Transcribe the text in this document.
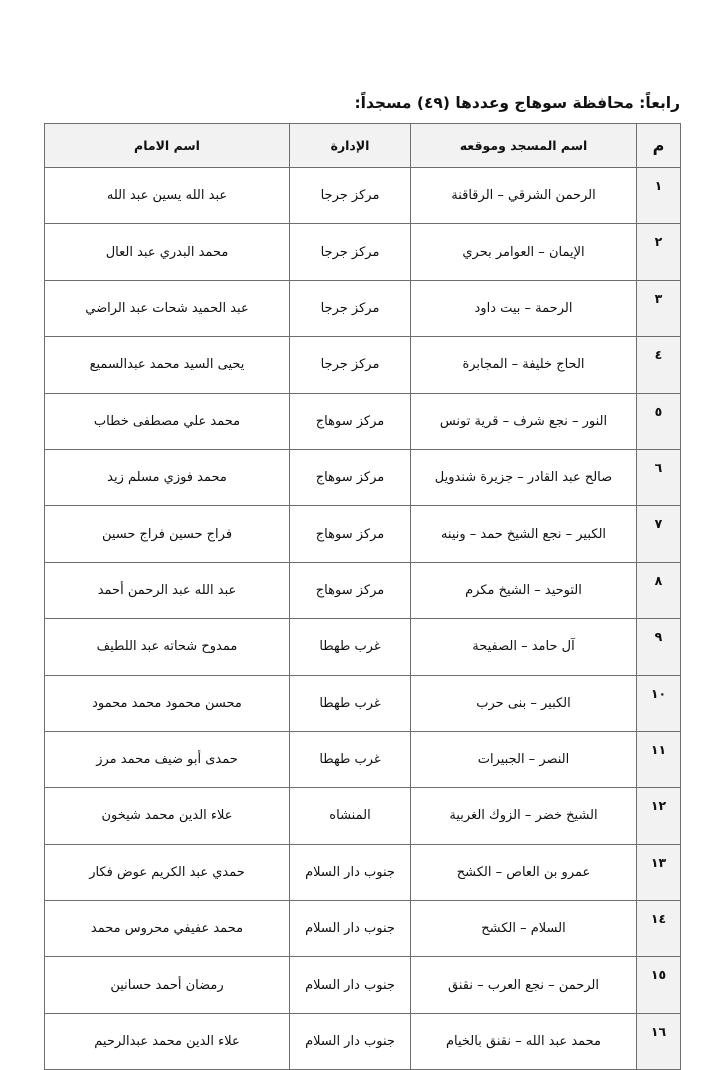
رابعاً: محافظة سوهاج وعددها (٤٩) مسجداً:
م	اسم المسجد وموقعه	الإدارة	اسم الامام
١	الرحمن الشرقي – الرقاقنة	مركز جرجا	عبد الله يسين عبد الله
٢	الإيمان – العوامر بحري	مركز جرجا	محمد البدري عبد العال
٣	الرحمة – بيت داود	مركز جرجا	عبد الحميد شحات عبد الراضي
٤	الحاج خليفة – المجابرة	مركز جرجا	يحيى السيد محمد عبدالسميع
٥	النور – نجع شرف – قرية تونس	مركز سوهاج	محمد علي مصطفى خطاب
٦	صالح عبد القادر – جزيرة شندويل	مركز سوهاج	محمد فوزي مسلم زيد
٧	الكبير – نجع الشيخ حمد – ونينه	مركز سوهاج	فراج حسين فراج حسين
٨	التوحيد – الشيخ مكرم	مركز سوهاج	عبد الله عبد الرحمن أحمد
٩	آل حامد – الصفيحة	غرب طهطا	ممدوح شحاته عبد اللطيف
١٠	الكبير – بنى حرب	غرب طهطا	محسن محمود محمد محمود
١١	النصر – الجبيرات	غرب طهطا	حمدى أبو ضيف محمد مرز
١٢	الشيخ خضر – الزوك الغربية	المنشاه	علاء الدين محمد شيخون
١٣	عمرو بن العاص – الكشح	جنوب دار السلام	حمدي عبد الكريم عوض فكار
١٤	السلام – الكشح	جنوب دار السلام	محمد عفيفي محروس محمد
١٥	الرحمن – نجع العرب – نقنق	جنوب دار السلام	رمضان أحمد حسانين
١٦	محمد عبد الله – نقنق بالخيام	جنوب دار السلام	علاء الدين محمد عبدالرحيم
